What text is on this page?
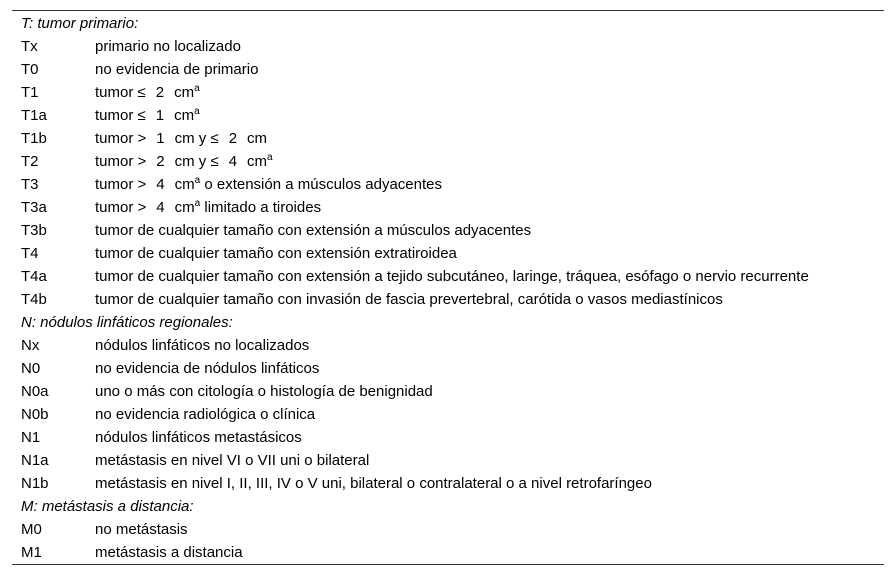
T: tumor primario:
Tx	primario no localizado
T0	no evidencia de primario
T1	tumor ≤ 2 $cm^a$
T1a	tumor ≤ 1 $cm^a$
T1b	tumor > 1 cm y ≤ 2 cm
T2	tumor > 2 cm y ≤ 4 $cm^a$
T3	tumor > 4 $cm^a$ o extensión a músculos adyacentes
T3a	tumor > 4 $cm^a$ limitado a tiroides
T3b	tumor de cualquier tamaño con extensión a músculos adyacentes
T4	tumor de cualquier tamaño con extensión extratiroidea
T4a	tumor de cualquier tamaño con extensión a tejido subcutáneo, laringe, tráquea, esófago o nervio recurrente
T4b	tumor de cualquier tamaño con invasión de fascia prevertebral, carótida o vasos mediastínicos
N: nódulos linfáticos regionales:
Nx	nódulos linfáticos no localizados
N0	no evidencia de nódulos linfáticos
N0a	uno o más con citología o histología de benignidad
N0b	no evidencia radiológica o clínica
N1	nódulos linfáticos metastásicos
N1a	metástasis en nivel VI o VII uni o bilateral
N1b	metástasis en nivel I, II, III, IV o V uni, bilateral o contralateral o a nivel retrofaríngeo
M: metástasis a distancia:
M0	no metástasis
M1	metástasis a distancia
